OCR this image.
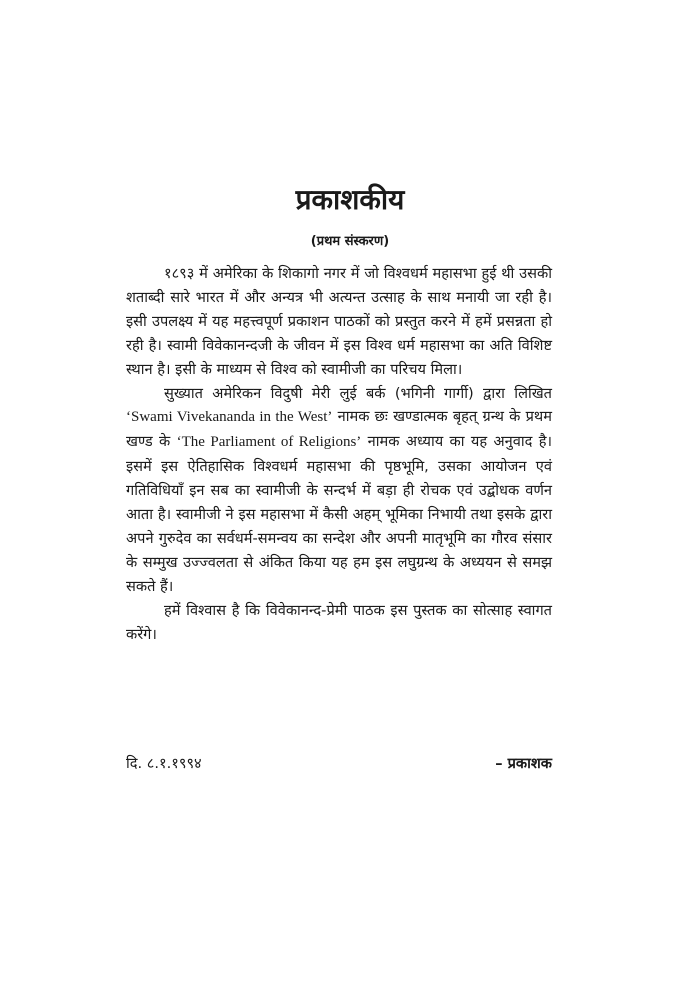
प्रकाशकीय

(प्रथम संस्करण)

१८९३ में अमेरिका के शिकागो नगर में जो विश्वधर्म महासभा हुई थी उसकी शताब्दी सारे भारत में और अन्यत्र भी अत्यन्त उत्साह के साथ मनायी जा रही है। इसी उपलक्ष्य में यह महत्त्वपूर्ण प्रकाशन पाठकों को प्रस्तुत करने में हमें प्रसन्नता हो रही है। स्वामी विवेकानन्दजी के जीवन में इस विश्व धर्म महासभा का अति विशिष्ट स्थान है। इसी के माध्यम से विश्व को स्वामीजी का परिचय मिला।

सुख्यात अमेरिकन विदुषी मेरी लुई बर्क (भगिनी गार्गी) द्वारा लिखित ‘Swami Vivekananda in the West’ नामक छः खण्डात्मक बृहत् ग्रन्थ के प्रथम खण्ड के ‘The Parliament of Religions’ नामक अध्याय का यह अनुवाद है। इसमें इस ऐतिहासिक विश्वधर्म महासभा की पृष्ठभूमि, उसका आयोजन एवं गतिविधियाँ इन सब का स्वामीजी के सन्दर्भ में बड़ा ही रोचक एवं उद्बोधक वर्णन आता है। स्वामीजी ने इस महासभा में कैसी अहम् भूमिका निभायी तथा इसके द्वारा अपने गुरुदेव का सर्वधर्म-समन्वय का सन्देश और अपनी मातृभूमि का गौरव संसार के सम्मुख उज्ज्वलता से अंकित किया यह हम इस लघुग्रन्थ के अध्ययन से समझ सकते हैं।

हमें विश्वास है कि विवेकानन्द-प्रेमी पाठक इस पुस्तक का सोत्साह स्वागत करेंगे।

दि. ८.१.१९९४	– प्रकाशक
